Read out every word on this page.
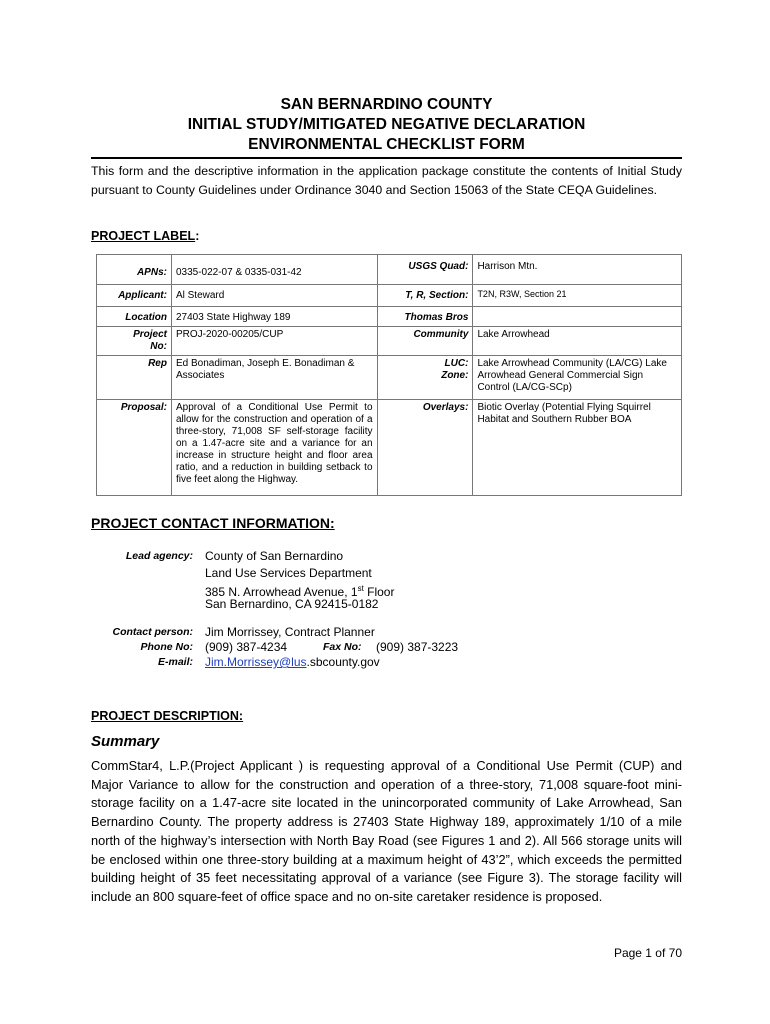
SAN BERNARDINO COUNTY
INITIAL STUDY/MITIGATED NEGATIVE DECLARATION
ENVIRONMENTAL CHECKLIST FORM
This form and the descriptive information in the application package constitute the contents of Initial Study pursuant to County Guidelines under Ordinance 3040 and Section 15063 of the State CEQA Guidelines.
PROJECT LABEL:
APNs:	0335-022-07 & 0335-031-42	USGS Quad:	Harrison Mtn.
Applicant:	Al Steward	T, R, Section:	T2N, R3W, Section 21
Location	27403 State Highway 189	Thomas Bros	
Project No:	PROJ-2020-00205/CUP	Community	Lake Arrowhead
Rep	Ed Bonadiman, Joseph E. Bonadiman & Associates	LUC: Zone:	Lake Arrowhead Community (LA/CG) Lake Arrowhead General Commercial Sign Control (LA/CG-SCp)
Proposal:	Approval of a Conditional Use Permit to allow for the construction and operation of a three-story, 71,008 SF self-storage facility on a 1.47-acre site and a variance for an increase in structure height and floor area ratio, and a reduction in building setback to five feet along the Highway.	Overlays:	Biotic Overlay (Potential Flying Squirrel Habitat and Southern Rubber BOA
PROJECT CONTACT INFORMATION:
Lead agency: County of San Bernardino
Land Use Services Department
385 N. Arrowhead Avenue, 1st Floor
San Bernardino, CA 92415-0182
Contact person: Jim Morrissey, Contract Planner
Phone No: (909) 387-4234	Fax No: (909) 387-3223
E-mail: Jim.Morrissey@lus.sbcounty.gov
PROJECT DESCRIPTION:
Summary
CommStar4, L.P.(Project Applicant ) is requesting approval of a Conditional Use Permit (CUP) and Major Variance to allow for the construction and operation of a three-story, 71,008 square-foot mini-storage facility on a 1.47-acre site located in the unincorporated community of Lake Arrowhead, San Bernardino County. The property address is 27403 State Highway 189, approximately 1/10 of a mile north of the highway’s intersection with North Bay Road (see Figures 1 and 2). All 566 storage units will be enclosed within one three-story building at a maximum height of 43’2”, which exceeds the permitted building height of 35 feet necessitating approval of a variance (see Figure 3). The storage facility will include an 800 square-feet of office space and no on-site caretaker residence is proposed.
Page 1 of 70
